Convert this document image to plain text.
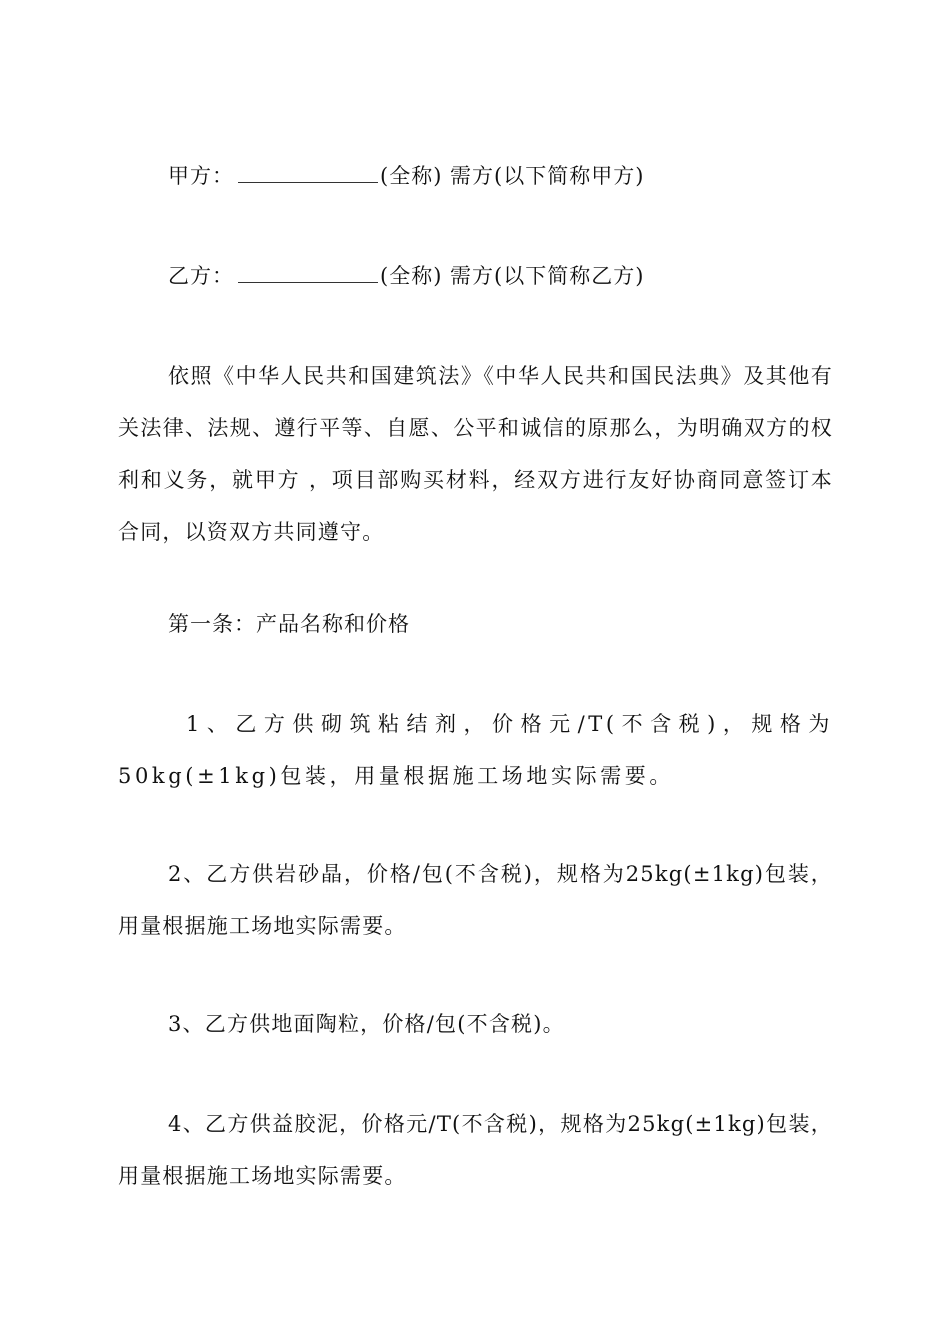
甲方：	(全称) 需方(以下简称甲方)
乙方：	(全称) 需方(以下简称乙方)
依照《中华人民共和国建筑法》《中华人民共和国民法典》及其他有关法律、法规、遵行平等、自愿、公平和诚信的原那么，为明确双方的权利和义务，就甲方 ，项目部购买材料，经双方进行友好协商同意签订本合同，以资双方共同遵守。
第一条：产品名称和价格
1、乙方供砌筑粘结剂，价格元/T(不含税)，规格为50kg(±1kg)包装，用量根据施工场地实际需要。
2、乙方供岩砂晶，价格/包(不含税)，规格为25kg(±1kg)包装，用量根据施工场地实际需要。
3、乙方供地面陶粒，价格/包(不含税)。
4、乙方供益胶泥，价格元/T(不含税)，规格为25kg(±1kg)包装，用量根据施工场地实际需要。
